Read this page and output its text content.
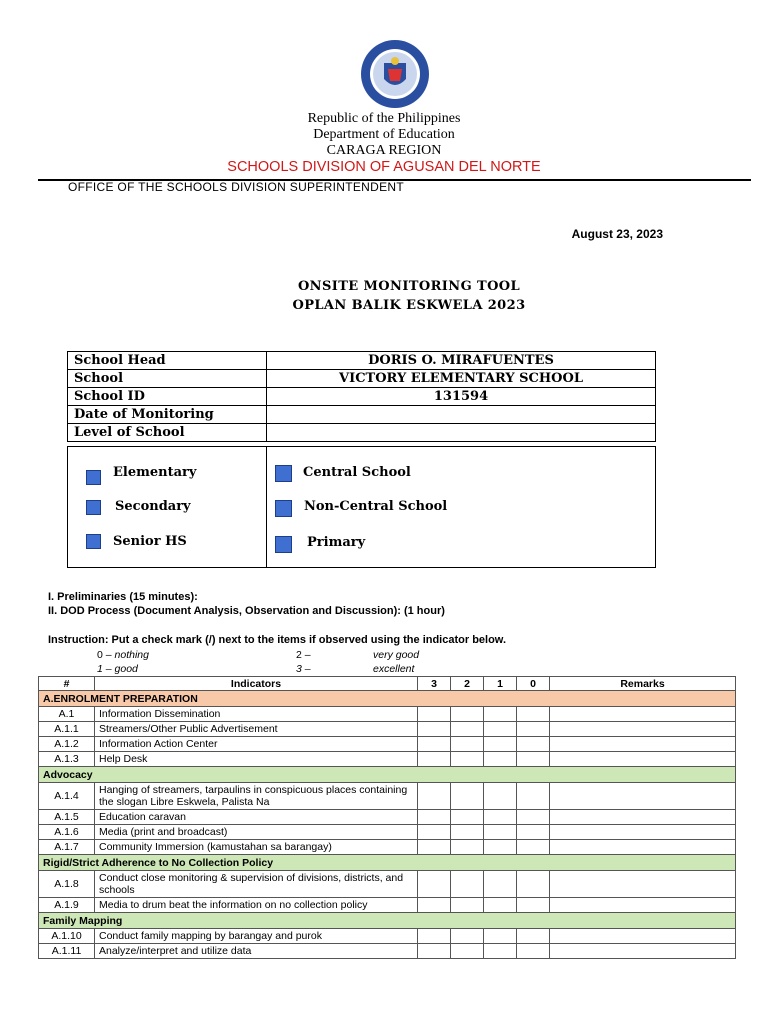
Republic of the Philippines
Department of Education
CARAGA REGION
SCHOOLS DIVISION OF AGUSAN DEL NORTE
OFFICE OF THE SCHOOLS DIVISION SUPERINTENDENT
August 23, 2023
ONSITE MONITORING TOOL
OPLAN BALIK ESKWELA 2023
School Head	DORIS O. MIRAFUENTES
School	VICTORY ELEMENTARY SCHOOL
School ID	131594
Date of Monitoring	
Level of School	
Elementary
Secondary
Senior HS
Central School
Non-Central School
Primary
I. Preliminaries (15 minutes):
II. DOD Process (Document Analysis, Observation and Discussion): (1 hour)
Instruction: Put a check mark (/) next to the items if observed using the indicator below.
0 – nothing
1 – good
2 –	very good
3 –	excellent
#	Indicators	3	2	1	0	Remarks
A.ENROLMENT PREPARATION						
A.1	Information Dissemination					
A.1.1	Streamers/Other Public Advertisement					
A.1.2	Information Action Center					
A.1.3	Help Desk					
Advocacy						
A.1.4	Hanging of streamers, tarpaulins in conspicuous places containing the slogan Libre Eskwela, Palista Na					
A.1.5	Education caravan					
A.1.6	Media (print and broadcast)					
A.1.7	Community Immersion (kamustahan sa barangay)					
Rigid/Strict Adherence to No Collection Policy						
A.1.8	Conduct close monitoring & supervision of divisions, districts, and schools					
A.1.9	Media to drum beat the information on no collection policy					
Family Mapping						
A.1.10	Conduct family mapping by barangay and purok					
A.1.11	Analyze/interpret and utilize data					
